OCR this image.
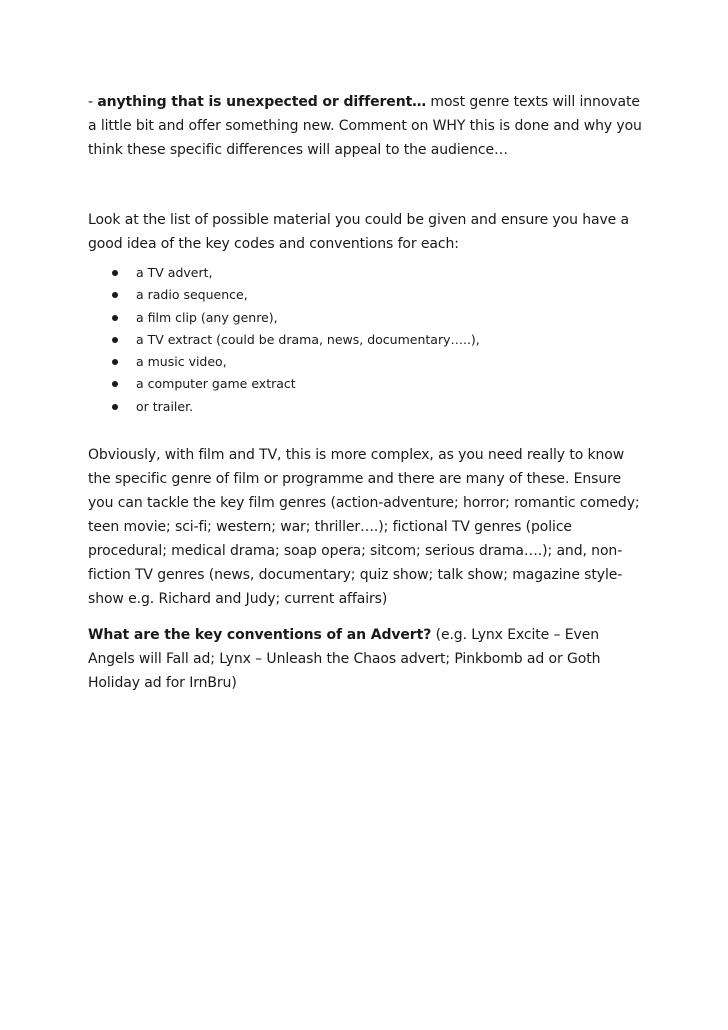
- anything that is unexpected or different… most genre texts will innovate a little bit and offer something new. Comment on WHY this is done and why you think these specific differences will appeal to the audience…

Look at the list of possible material you could be given and ensure you have a good idea of the key codes and conventions for each:

a TV advert,
a radio sequence,
a film clip (any genre),
a TV extract (could be drama, news, documentary…..),
a music video,
a computer game extract
or trailer.

Obviously, with film and TV, this is more complex, as you need really to know the specific genre of film or programme and there are many of these. Ensure you can tackle the key film genres (action-adventure; horror; romantic comedy; teen movie; sci-fi; western; war; thriller….); fictional TV genres (police procedural; medical drama; soap opera; sitcom; serious drama….); and, non-fiction TV genres (news, documentary; quiz show; talk show; magazine style-show e.g. Richard and Judy; current affairs)

What are the key conventions of an Advert? (e.g. Lynx Excite – Even Angels will Fall ad; Lynx – Unleash the Chaos advert; Pinkbomb ad or Goth Holiday ad for IrnBru)
